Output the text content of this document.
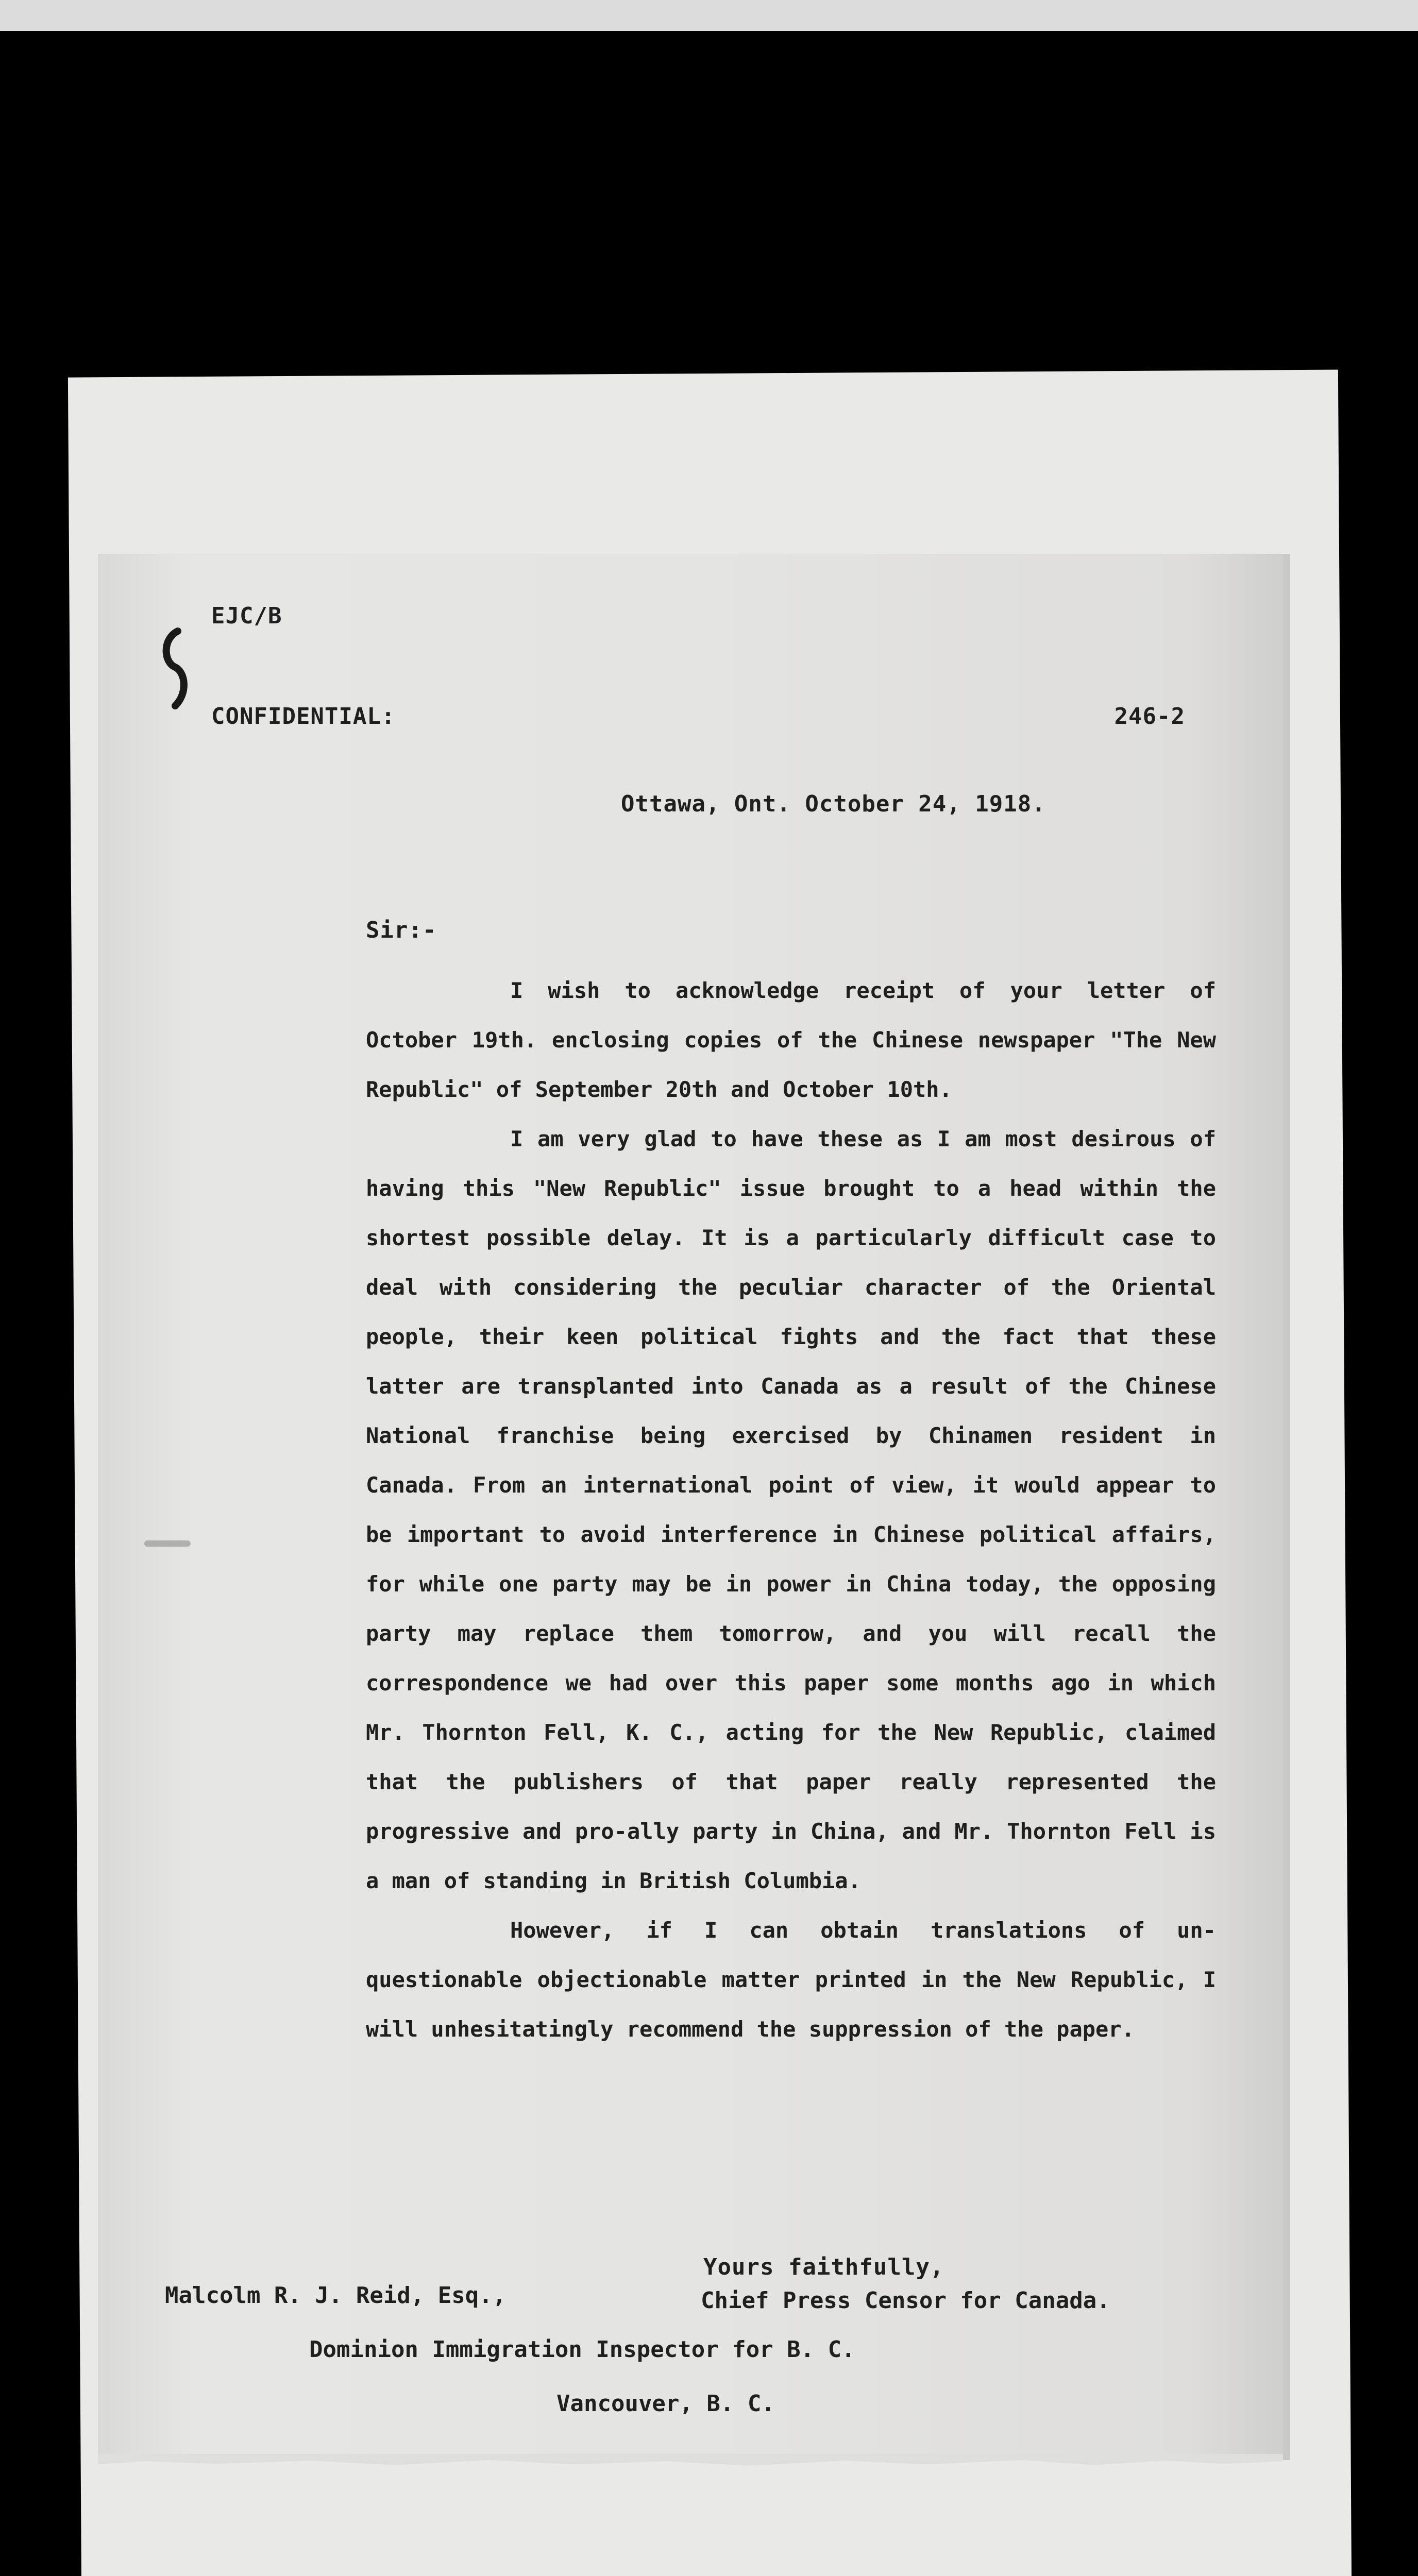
EJC/B
CONFIDENTIAL:	246-2
Ottawa, Ont. October 24, 1918.
Sir:-

I wish to acknowledge receipt of your letter of October 19th. enclosing copies of the Chinese newspaper "The New Republic" of September 20th and October 10th.

I am very glad to have these as I am most desirous of having this "New Republic" issue brought to a head within the shortest possible delay. It is a particularly difficult case to deal with considering the peculiar character of the Oriental people, their keen political fights and the fact that these latter are transplanted into Canada as a result of the Chinese National franchise being exercised by Chinamen resident in Canada. From an international point of view, it would appear to be important to avoid interference in Chinese political affairs, for while one party may be in power in China today, the opposing party may replace them tomorrow, and you will recall the correspondence we had over this paper some months ago in which Mr. Thornton Fell, K. C., acting for the New Republic, claimed that the publishers of that paper really represented the progressive and pro-ally party in China, and Mr. Thornton Fell is a man of standing in British Columbia.

However, if I can obtain translations of un-questionable objectionable matter printed in the New Republic, I will unhesitatingly recommend the suppression of the paper.

Yours faithfully,
Malcolm R. J. Reid, Esq.,	Chief Press Censor for Canada.
Dominion Immigration Inspector for B. C.
Vancouver, B. C.
